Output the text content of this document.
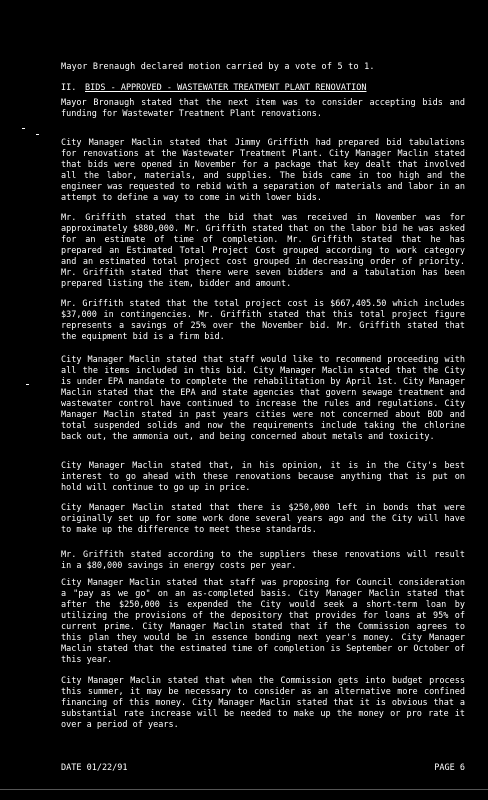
Mayor Brenaugh declared motion carried by a vote of 5 to 1.
II. BIDS - APPROVED - WASTEWATER TREATMENT PLANT RENOVATION

Mayor Bronaugh stated that the next item was to consider accepting bids and funding for Wastewater Treatment Plant renovations.

City Manager Maclin stated that Jimmy Griffith had prepared bid tabulations for renovations at the Wastewater Treatment Plant. City Manager Maclin stated that bids were opened in November for a package that key dealt that involved all the labor, materials, and supplies. The bids came in too high and the engineer was requested to rebid with a separation of materials and labor in an attempt to define a way to come in with lower bids.

Mr. Griffith stated that the bid that was received in November was for approximately $880,000. Mr. Griffith stated that on the labor bid he was asked for an estimate of time of completion. Mr. Griffith stated that he has prepared an Estimated Total Project Cost grouped according to work category and an estimated total project cost grouped in decreasing order of priority. Mr. Griffith stated that there were seven bidders and a tabulation has been prepared listing the item, bidder and amount.

Mr. Griffith stated that the total project cost is $667,405.50 which includes $37,000 in contingencies. Mr. Griffith stated that this total project figure represents a savings of 25% over the November bid. Mr. Griffith stated that the equipment bid is a firm bid.

City Manager Maclin stated that staff would like to recommend proceeding with all the items included in this bid. City Manager Maclin stated that the City is under EPA mandate to complete the rehabilitation by April 1st. City Manager Maclin stated that the EPA and state agencies that govern sewage treatment and wastewater control have continued to increase the rules and regulations. City Manager Maclin stated in past years cities were not concerned about BOD and total suspended solids and now the requirements include taking the chlorine back out, the ammonia out, and being concerned about metals and toxicity.

City Manager Maclin stated that, in his opinion, it is in the City's best interest to go ahead with these renovations because anything that is put on hold will continue to go up in price.

City Manager Maclin stated that there is $250,000 left in bonds that were originally set up for some work done several years ago and the City will have to make up the difference to meet these standards.

Mr. Griffith stated according to the suppliers these renovations will result in a $80,000 savings in energy costs per year.

City Manager Maclin stated that staff was proposing for Council consideration a "pay as we go" on an as-completed basis. City Manager Maclin stated that after the $250,000 is expended the City would seek a short-term loan by utilizing the provisions of the depository that provides for loans at 95% of current prime. City Manager Maclin stated that if the Commission agrees to this plan they would be in essence bonding next year's money. City Manager Maclin stated that the estimated time of completion is September or October of this year.

City Manager Maclin stated that when the Commission gets into budget process this summer, it may be necessary to consider as an alternative more confined financing of this money. City Manager Maclin stated that it is obvious that a substantial rate increase will be needed to make up the money or pro rate it over a period of years.

DATE 01/22/91	PAGE 6
